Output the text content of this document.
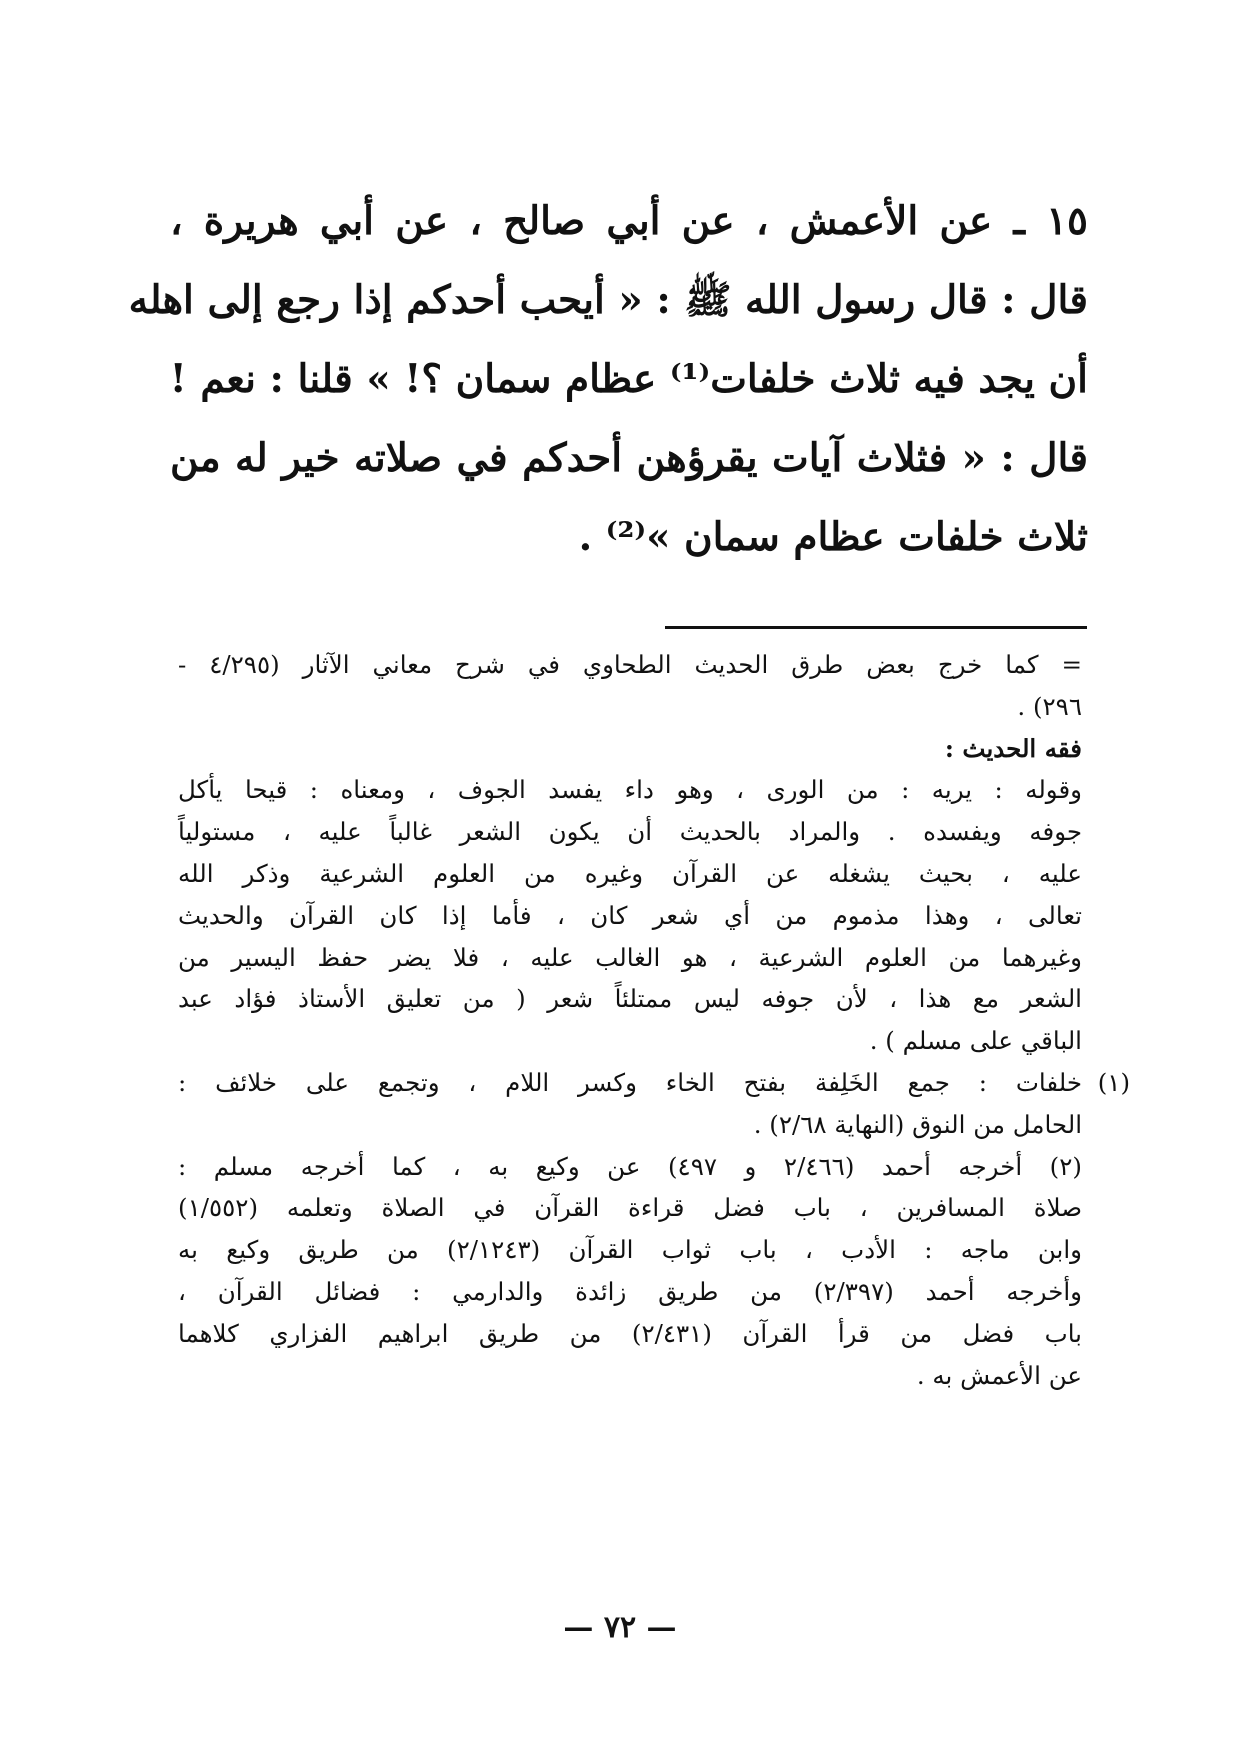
١٥ ـ عن الأعمش ، عن أبي صالح ، عن أبي هريرة ،
قال : قال رسول الله ﷺ : « أيحب أحدكم إذا رجع إلى اهله
أن يجد فيه ثلاث خلفات⁽¹⁾ عظام سمان ؟! » قلنا : نعم !
قال : « فثلاث آيات يقرؤهن أحدكم في صلاته خير له من
ثلاث خلفات عظام سمان »⁽²⁾ .
= كما خرج بعض طرق الحديث الطحاوي في شرح معاني الآثار (٤/٢٩٥ -
٢٩٦) .
فقه الحديث :
وقوله : يريه : من الورى ، وهو داء يفسد الجوف ، ومعناه : قيحا يأكل
جوفه ويفسده . والمراد بالحديث أن يكون الشعر غالباً عليه ، مستولياً
عليه ، بحيث يشغله عن القرآن وغيره من العلوم الشرعية وذكر الله
تعالى ، وهذا مذموم من أي شعر كان ، فأما إذا كان القرآن والحديث
وغيرهما من العلوم الشرعية ، هو الغالب عليه ، فلا يضر حفظ اليسير من
الشعر مع هذا ، لأن جوفه ليس ممتلئاً شعر ( من تعليق الأستاذ فؤاد عبد
الباقي على مسلم ) .
(١)
خلفات : جمع الخَلِفة بفتح الخاء وكسر اللام ، وتجمع على خلائف :
الحامل من النوق (النهاية ٢/٦٨) .
(٢) أخرجه أحمد (٢/٤٦٦ و ٤٩٧) عن وكيع به ، كما أخرجه مسلم :
صلاة المسافرين ، باب فضل قراءة القرآن في الصلاة وتعلمه (١/٥٥٢)
وابن ماجه : الأدب ، باب ثواب القرآن (٢/١٢٤٣) من طريق وكيع به
وأخرجه أحمد (٢/٣٩٧) من طريق زائدة والدارمي : فضائل القرآن ،
باب فضل من قرأ القرآن (٢/٤٣١) من طريق ابراهيم الفزاري كلاهما
عن الأعمش به .
— ٧٢ —
